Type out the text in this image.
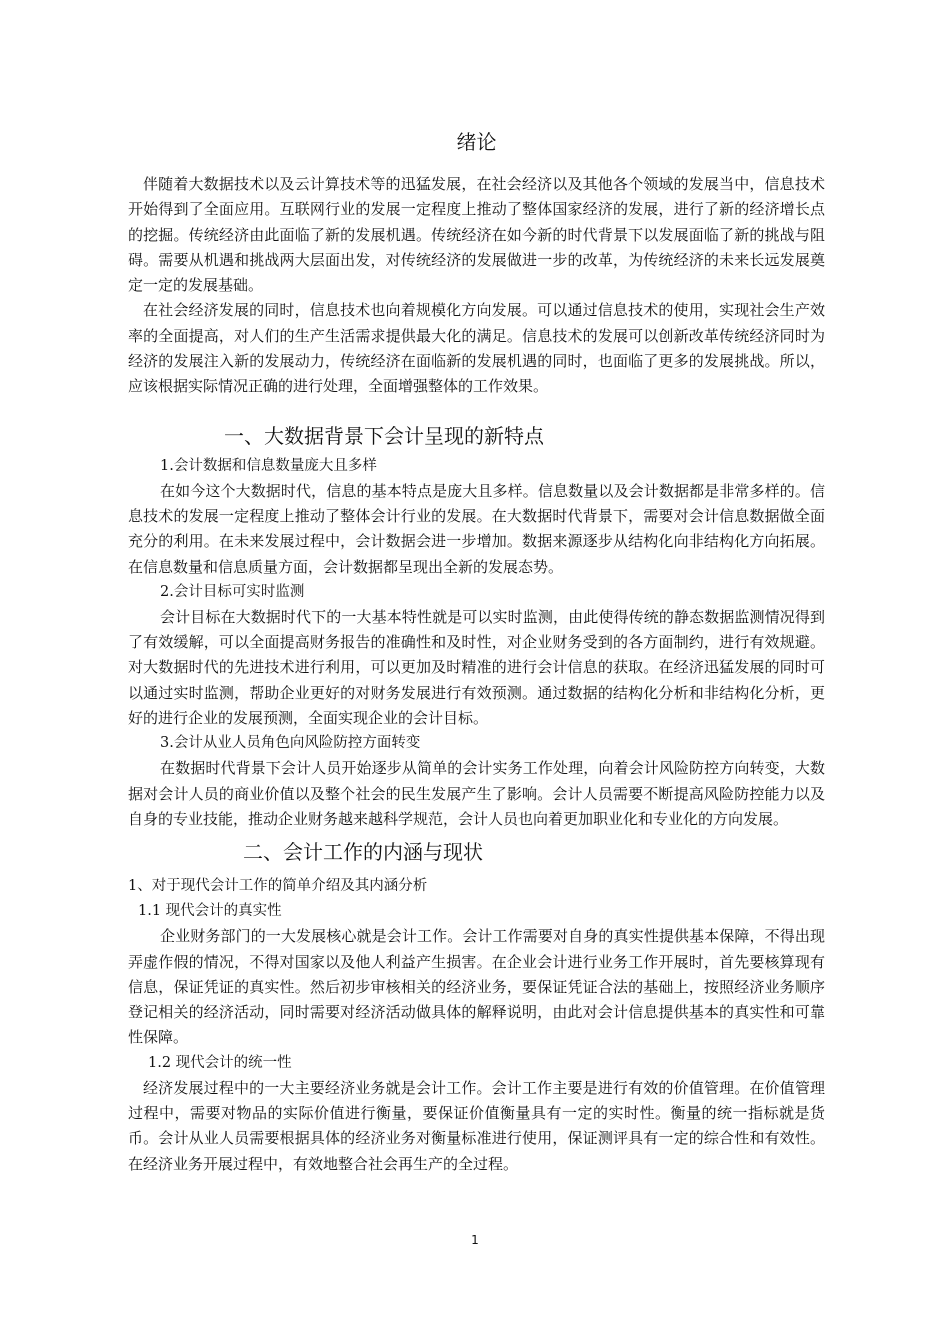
绪论

伴随着大数据技术以及云计算技术等的迅猛发展，在社会经济以及其他各个领域的发展当中，信息技术开始得到了全面应用。互联网行业的发展一定程度上推动了整体国家经济的发展，进行了新的经济增长点的挖掘。传统经济由此面临了新的发展机遇。传统经济在如今新的时代背景下以发展面临了新的挑战与阻碍。需要从机遇和挑战两大层面出发，对传统经济的发展做进一步的改革，为传统经济的未来长远发展奠定一定的发展基础。

在社会经济发展的同时，信息技术也向着规模化方向发展。可以通过信息技术的使用，实现社会生产效率的全面提高，对人们的生产生活需求提供最大化的满足。信息技术的发展可以创新改革传统经济同时为经济的发展注入新的发展动力，传统经济在面临新的发展机遇的同时，也面临了更多的发展挑战。所以，应该根据实际情况正确的进行处理，全面增强整体的工作效果。

一、大数据背景下会计呈现的新特点
1.会计数据和信息数量庞大且多样

在如今这个大数据时代，信息的基本特点是庞大且多样。信息数量以及会计数据都是非常多样的。信息技术的发展一定程度上推动了整体会计行业的发展。在大数据时代背景下，需要对会计信息数据做全面充分的利用。在未来发展过程中，会计数据会进一步增加。数据来源逐步从结构化向非结构化方向拓展。在信息数量和信息质量方面，会计数据都呈现出全新的发展态势。

2.会计目标可实时监测

会计目标在大数据时代下的一大基本特性就是可以实时监测，由此使得传统的静态数据监测情况得到了有效缓解，可以全面提高财务报告的准确性和及时性，对企业财务受到的各方面制约，进行有效规避。对大数据时代的先进技术进行利用，可以更加及时精准的进行会计信息的获取。在经济迅猛发展的同时可以通过实时监测，帮助企业更好的对财务发展进行有效预测。通过数据的结构化分析和非结构化分析，更好的进行企业的发展预测，全面实现企业的会计目标。

3.会计从业人员角色向风险防控方面转变

在数据时代背景下会计人员开始逐步从简单的会计实务工作处理，向着会计风险防控方向转变，大数据对会计人员的商业价值以及整个社会的民生发展产生了影响。会计人员需要不断提高风险防控能力以及自身的专业技能，推动企业财务越来越科学规范，会计人员也向着更加职业化和专业化的方向发展。

二、会计工作的内涵与现状
1、对于现代会计工作的简单介绍及其内涵分析
1.1 现代会计的真实性

企业财务部门的一大发展核心就是会计工作。会计工作需要对自身的真实性提供基本保障，不得出现弄虚作假的情况，不得对国家以及他人利益产生损害。在企业会计进行业务工作开展时，首先要核算现有信息，保证凭证的真实性。然后初步审核相关的经济业务，要保证凭证合法的基础上，按照经济业务顺序登记相关的经济活动，同时需要对经济活动做具体的解释说明，由此对会计信息提供基本的真实性和可靠性保障。

1.2 现代会计的统一性

经济发展过程中的一大主要经济业务就是会计工作。会计工作主要是进行有效的价值管理。在价值管理过程中，需要对物品的实际价值进行衡量，要保证价值衡量具有一定的实时性。衡量的统一指标就是货币。会计从业人员需要根据具体的经济业务对衡量标准进行使用，保证测评具有一定的综合性和有效性。在经济业务开展过程中，有效地整合社会再生产的全过程。

1
